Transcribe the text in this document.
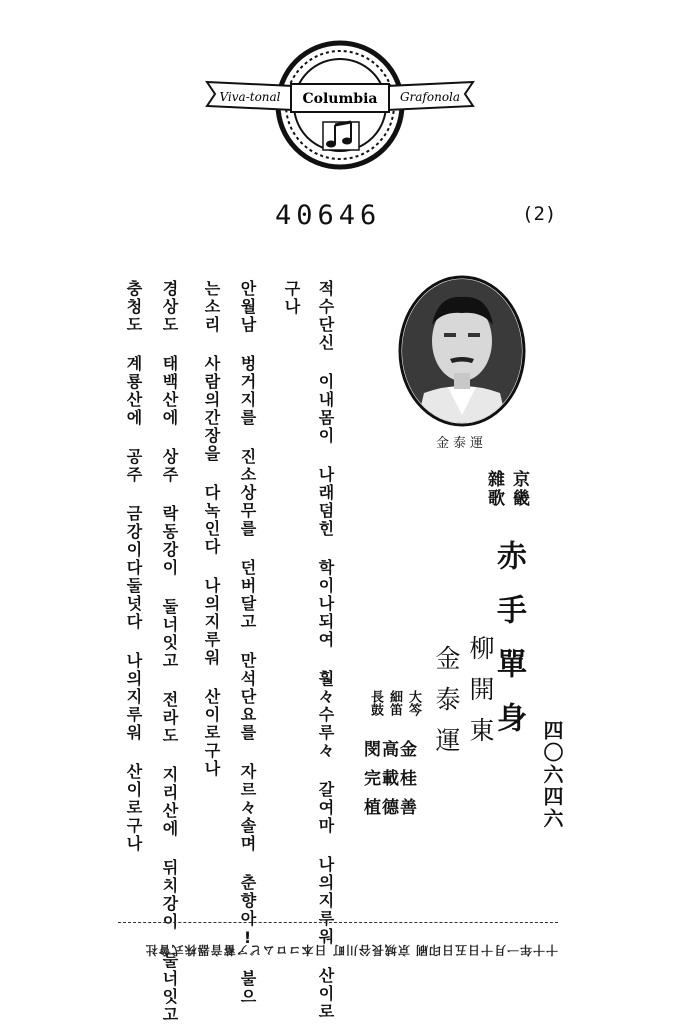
Viva-tonal Columbia Grafonola
40646	(2)
金泰運
京畿
雜歌
赤手單身
柳開東
金泰運
大笒
細笛
長鼓
金桂善
高載德
閔完植	四〇六四六
적수단신 이내몸이 나래덤힌 학이나되여 훨々수루々 갈여마 나의지루워 산이로
구나
안월남 벙거지를 진소상무를 던버달고 만석단요를 자르々솔며 춘향아! 불으
는소리 사람의간장을 다녹인다 나의지루워 산이로구나
경상도 태백산에 상주 락동강이 둘너잇고 전라도 지리산에 뒤치강이 둘너잇고
충청도 계룡산에 공주 금강이다둘넛다 나의지루워 산이로구나
十十年一月十日五日印刷 京城長谷川町 日本コロムビア蓄音器株式會社
